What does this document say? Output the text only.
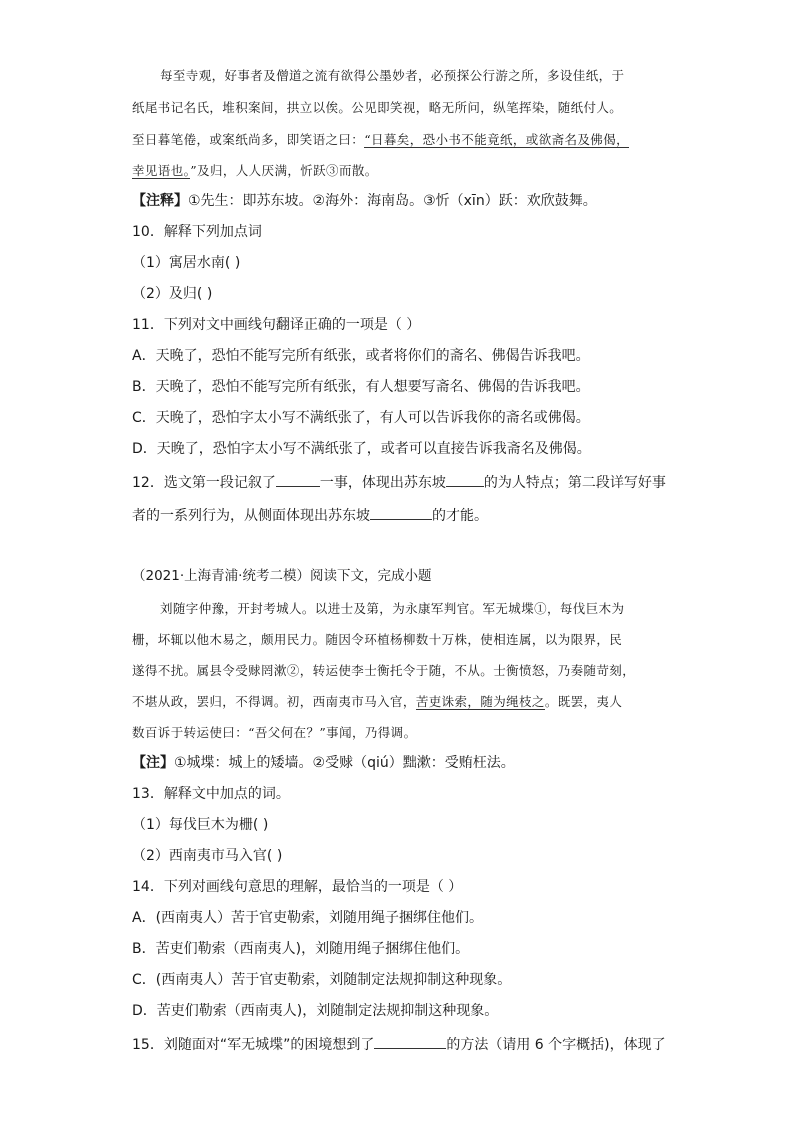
每至寺观，好事者及僧道之流有欲得公墨妙者，必预探公行游之所，多设佳纸，于
纸尾书记名氏，堆积案间，拱立以俟。公见即笑视，略无所问，纵笔挥染，随纸付人。
至日暮笔倦，或案纸尚多，即笑语之曰：“日暮矣，恐小书不能竟纸，或欲斋名及佛偈，
幸见语也。”及归，人人厌满，忻跃③而散。
【注释】①先生：即苏东坡。②海外：海南岛。③忻（xīn）跃：欢欣鼓舞。
10．解释下列加点词
（1）寓居水南( )
（2）及归( )
11．下列对文中画线句翻译正确的一项是（ ）
A．天晚了，恐怕不能写完所有纸张，或者将你们的斋名、佛偈告诉我吧。
B．天晚了，恐怕不能写完所有纸张，有人想要写斋名、佛偈的告诉我吧。
C．天晚了，恐怕字太小写不满纸张了，有人可以告诉我你的斋名或佛偈。
D．天晚了，恐怕字太小写不满纸张了，或者可以直接告诉我斋名及佛偈。
12．选文第一段记叙了	一事，体现出苏东坡	的为人特点；第二段详写好事
者的一系列行为，从侧面体现出苏东坡	的才能。
（2021·上海青浦·统考二模）阅读下文，完成小题
刘随字仲豫，开封考城人。以进士及第，为永康军判官。军无城堞①，每伐巨木为
栅，坏辄以他木易之，颇用民力。随因令环植杨柳数十万株，使相连属，以为限界，民
遂得不扰。属县令受赇罔漱②，转运使李士衡托令于随，不从。士衡愤怒，乃奏随苛刻，
不堪从政，罢归，不得调。初，西南夷市马入官，苦吏诛索，随为绳枝之。既罢，夷人
数百诉于转运使曰：“吾父何在？”事闻，乃得调。
【注】①城堞：城上的矮墙。②受赇（qiú）黜漱：受贿枉法。
13．解释文中加点的词。
（1）每伐巨木为栅( )
（2）西南夷市马入官( )
14．下列对画线句意思的理解，最恰当的一项是（ ）
A．(西南夷人）苦于官吏勒索，刘随用绳子捆绑住他们。
B．苦吏们勒索（西南夷人)，刘随用绳子捆绑住他们。
C．(西南夷人）苦于官吏勒索，刘随制定法规抑制这种现象。
D．苦吏们勒索（西南夷人)，刘随制定法规抑制这种现象。
15．刘随面对“军无城堞”的困境想到了	的方法（请用 6 个字概括)，体现了
